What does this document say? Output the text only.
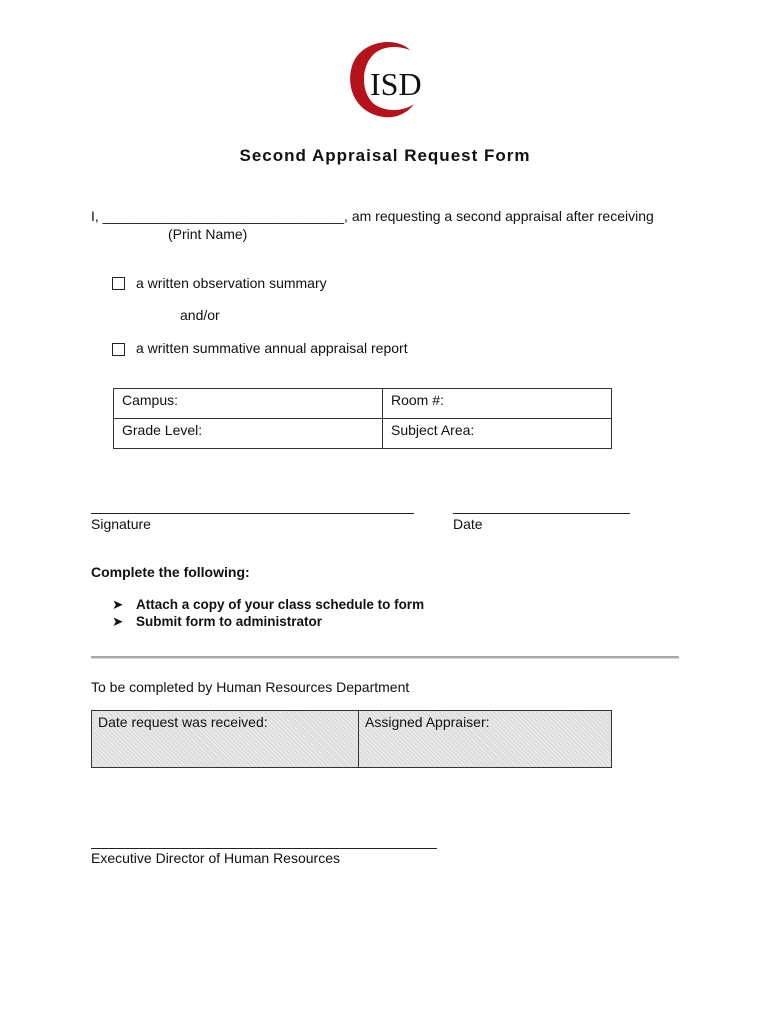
ISD
Second Appraisal Request Form
I, _______________________________, am requesting a second appraisal after receiving
(Print Name)
a written observation summary
and/or
a written summative annual appraisal report
Campus:	Room #:
Grade Level:	Subject Area:
Signature	Date
Complete the following:
➤ Attach a copy of your class schedule to form
➤ Submit form to administrator
To be completed by Human Resources Department
Date request was received:	Assigned Appraiser:
Executive Director of Human Resources
